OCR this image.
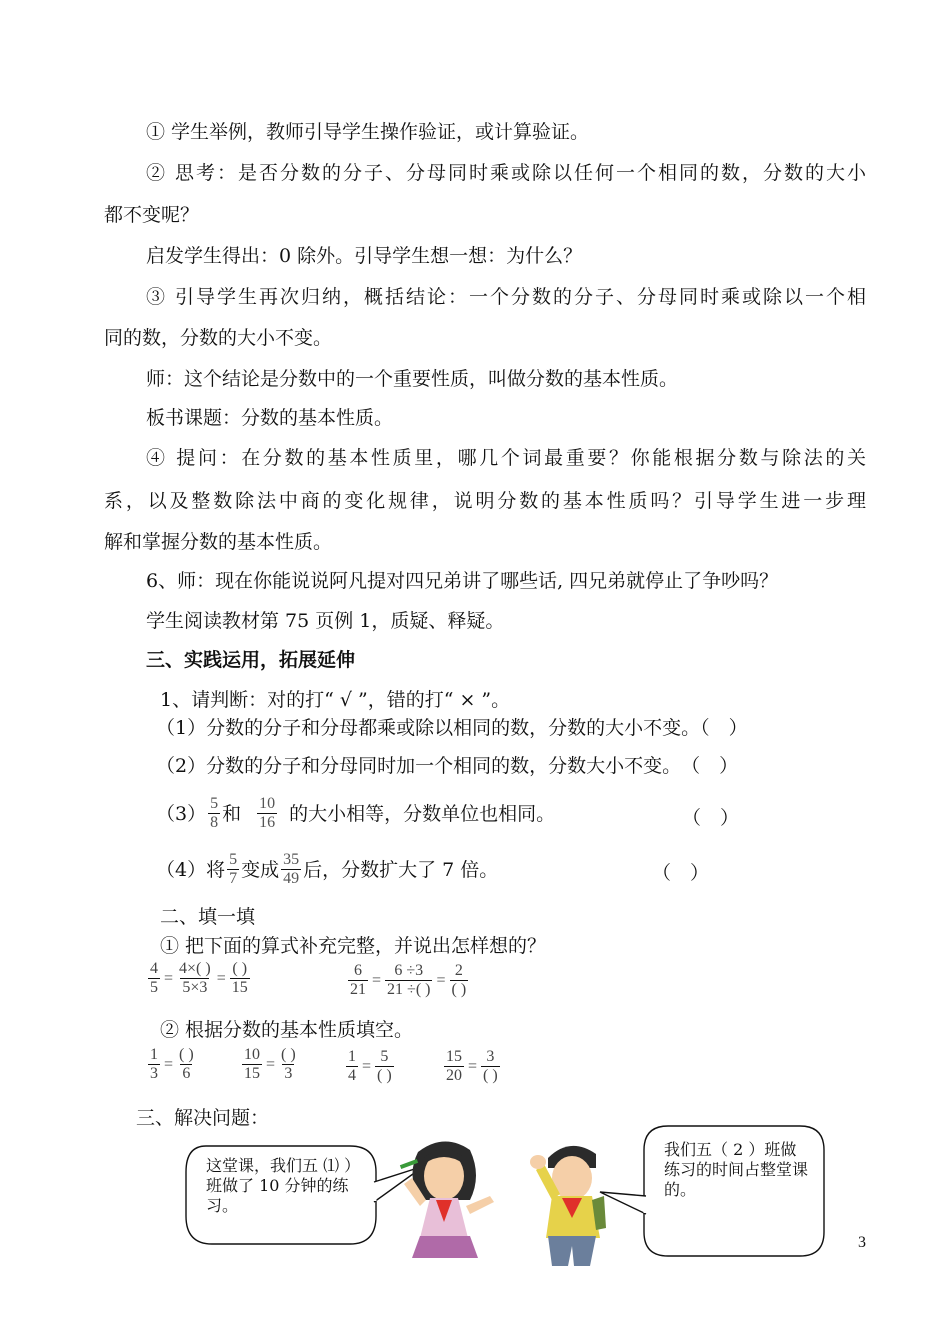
① 学生举例，教师引导学生操作验证，或计算验证。
② 思考：是否分数的分子、分母同时乘或除以任何一个相同的数，分数的大小
都不变呢？
启发学生得出：0 除外。引导学生想一想：为什么？
③ 引导学生再次归纳，概括结论：一个分数的分子、分母同时乘或除以一个相
同的数，分数的大小不变。
师：这个结论是分数中的一个重要性质，叫做分数的基本性质。
板书课题：分数的基本性质。
④ 提问：在分数的基本性质里，哪几个词最重要？你能根据分数与除法的关
系，以及整数除法中商的变化规律，说明分数的基本性质吗？引导学生进一步理
解和掌握分数的基本性质。
6、师：现在你能说说阿凡提对四兄弟讲了哪些话, 四兄弟就停止了争吵吗？
学生阅读教材第 75 页例 1，质疑、释疑。
三、实践运用，拓展延伸
1、请判断：对的打“ √ ”，错的打“ × ”。
（1）分数的分子和分母都乘或除以相同的数，分数的大小不变。（　）
（2）分数的分子和分母同时加一个相同的数，分数大小不变。　（　）
$(3) \frac{5}{8}$ 和 $\frac{10}{16}$ 的大小相等，分数单位也相同。	（　）
（4）将 $\frac{5}{7}$ 变成 $\frac{35}{49}$ 后，分数扩大了 7 倍。	（　）
二、填一填
① 把下面的算式补充完整，并说出怎样想的？
$\frac{4}{5} = \frac{4\times( )}{5\times 3} = \frac{( )}{15}$	$\frac{6}{21} = \frac{6 \div 3}{21 \div( )} = \frac{2}{( )}$
② 根据分数的基本性质填空。
$\frac{1}{3} = \frac{( )}{6}$	$\frac{10}{15} = \frac{( )}{3}$	$\frac{1}{4} = \frac{5}{( )}$	$\frac{15}{20} = \frac{3}{( )}$
三、解决问题：
这堂课，我们五 ⑴ ）班做了 10 分钟的练习。
我们五（ 2 ）班做练习的时间占整堂课的。
3
